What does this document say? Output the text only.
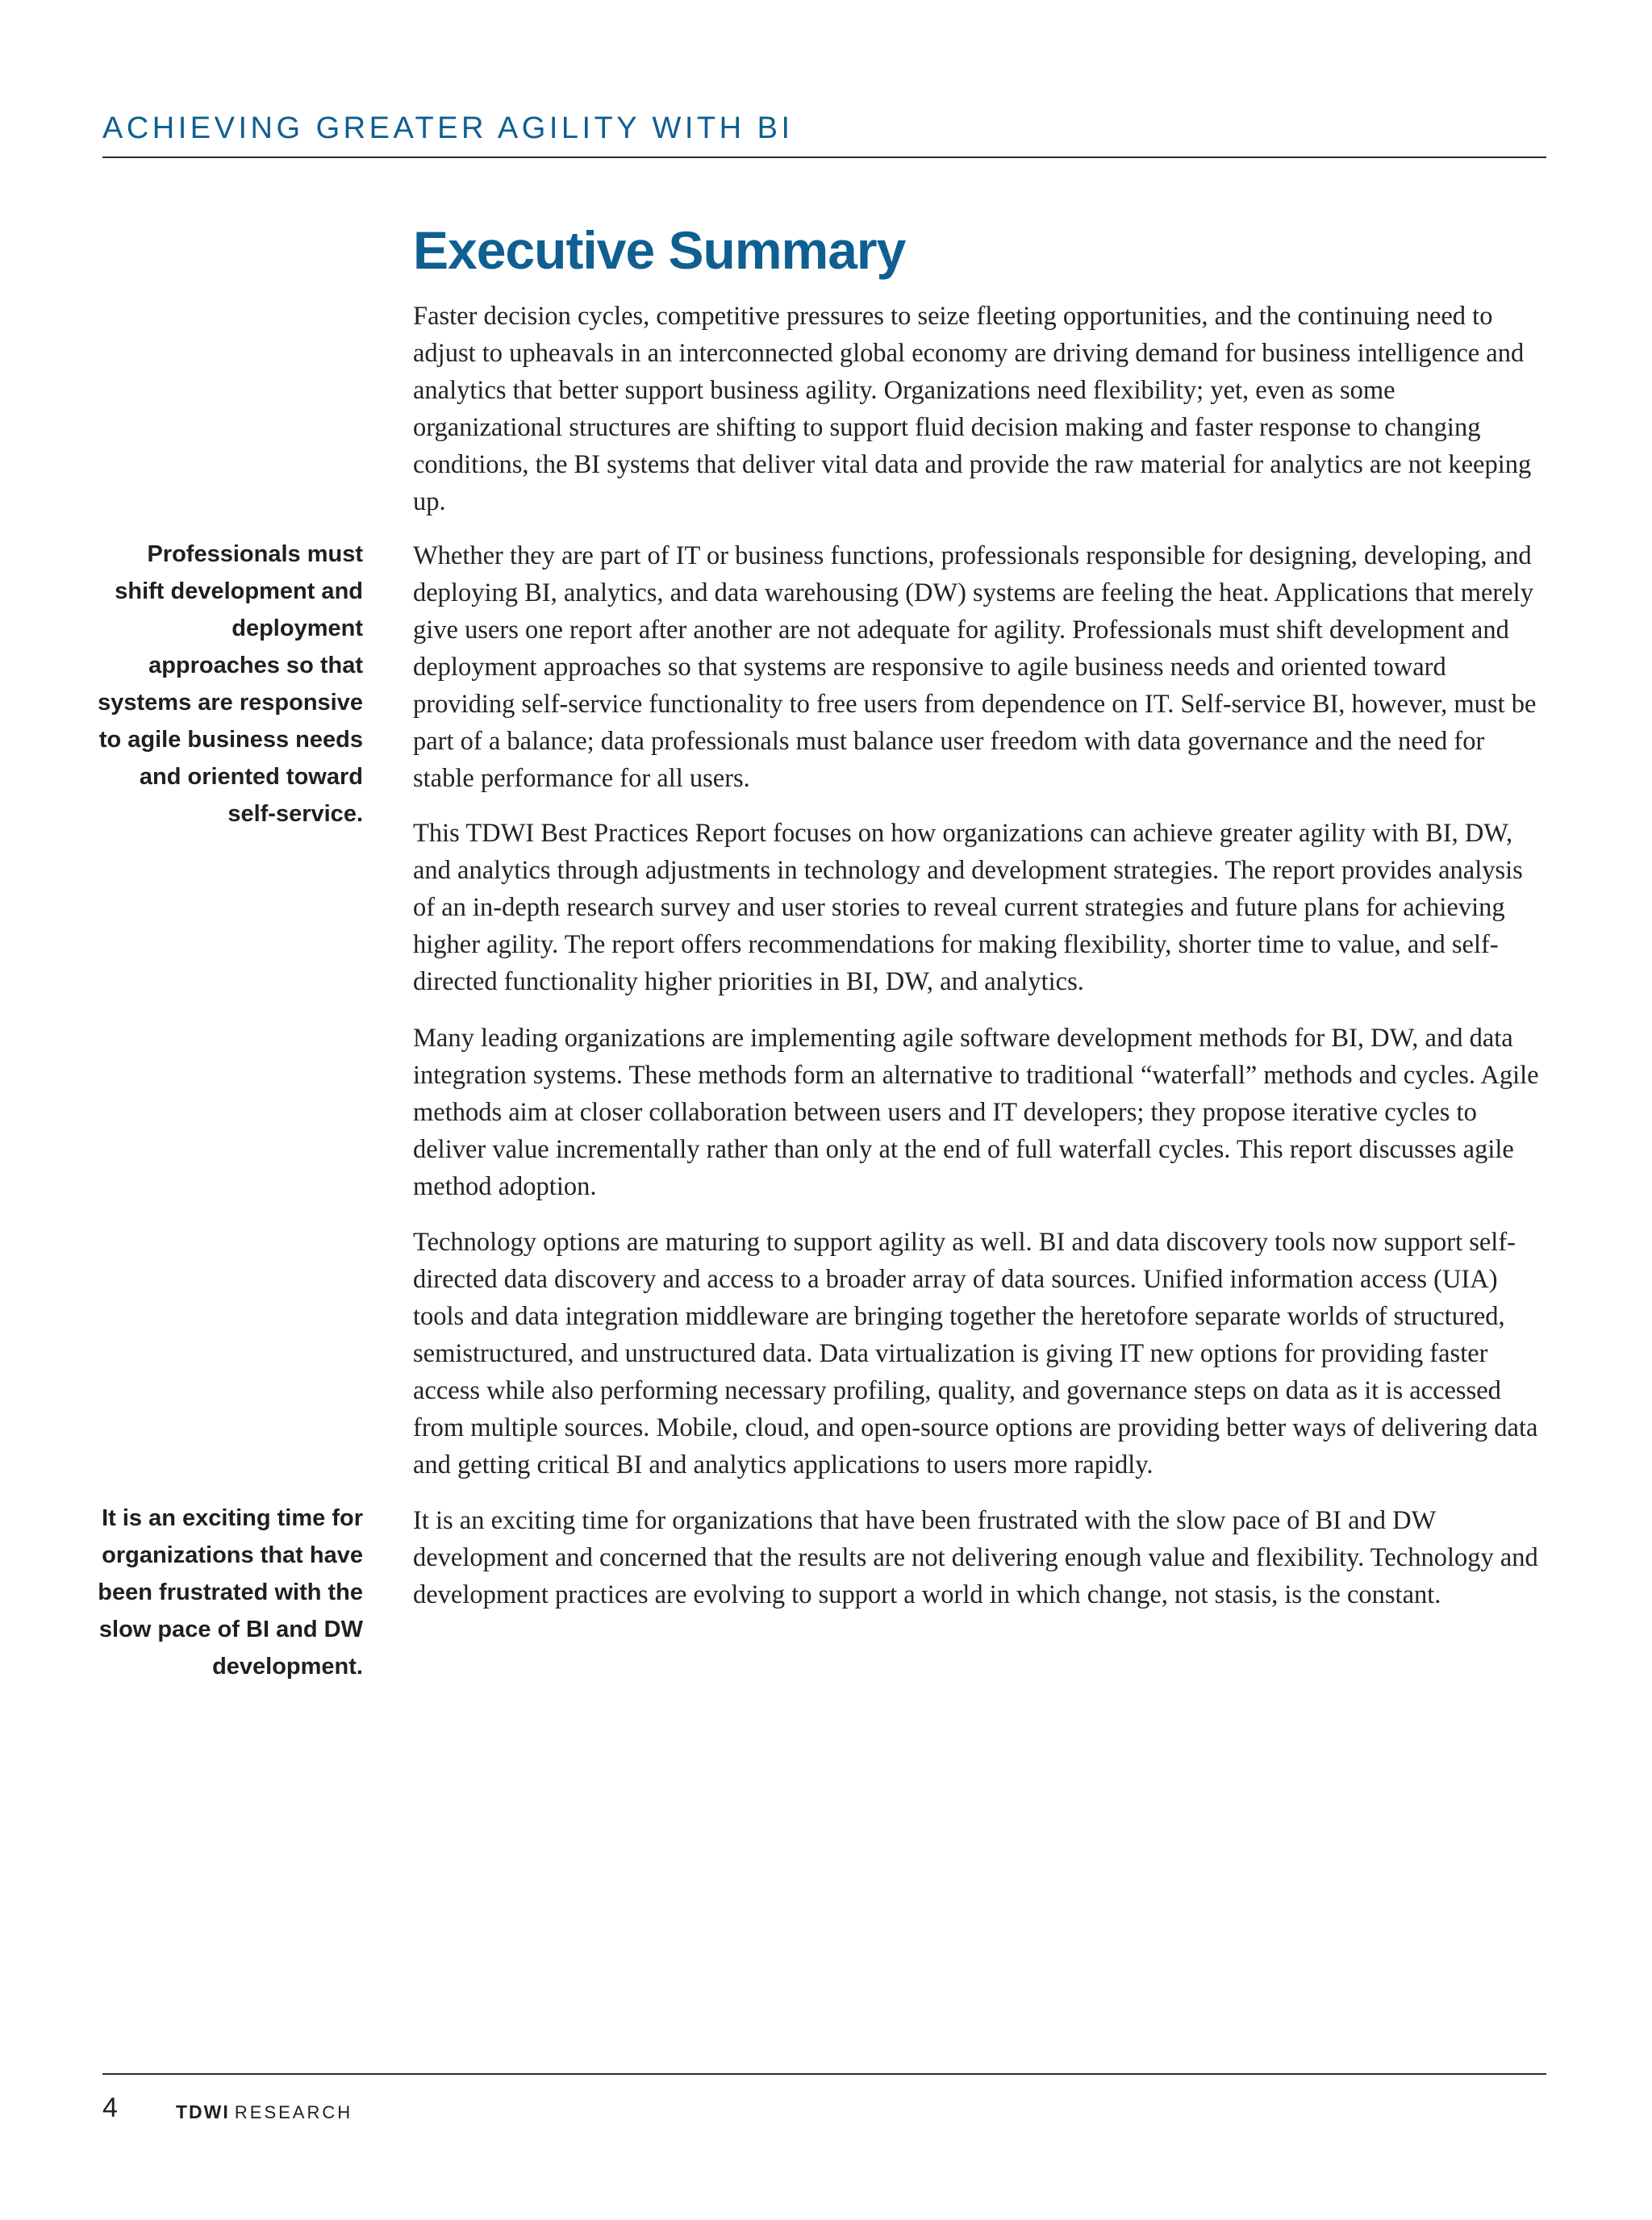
ACHIEVING GREATER AGILITY WITH BI
Executive Summary

Faster decision cycles, competitive pressures to seize fleeting opportunities, and the continuing need to adjust to upheavals in an interconnected global economy are driving demand for business intelligence and analytics that better support business agility. Organizations need flexibility; yet, even as some organizational structures are shifting to support fluid decision making and faster response to changing conditions, the BI systems that deliver vital data and provide the raw material for analytics are not keeping up.

Whether they are part of IT or business functions, professionals responsible for designing, developing, and deploying BI, analytics, and data warehousing (DW) systems are feeling the heat. Applications that merely give users one report after another are not adequate for agility. Professionals must shift development and deployment approaches so that systems are responsive to agile business needs and oriented toward providing self-service functionality to free users from dependence on IT. Self-service BI, however, must be part of a balance; data professionals must balance user freedom with data governance and the need for stable performance for all users.

This TDWI Best Practices Report focuses on how organizations can achieve greater agility with BI, DW, and analytics through adjustments in technology and development strategies. The report provides analysis of an in-depth research survey and user stories to reveal current strategies and future plans for achieving higher agility. The report offers recommendations for making flexibility, shorter time to value, and self-directed functionality higher priorities in BI, DW, and analytics.

Many leading organizations are implementing agile software development methods for BI, DW, and data integration systems. These methods form an alternative to traditional “waterfall” methods and cycles. Agile methods aim at closer collaboration between users and IT developers; they propose iterative cycles to deliver value incrementally rather than only at the end of full waterfall cycles. This report discusses agile method adoption.

Technology options are maturing to support agility as well. BI and data discovery tools now support self-directed data discovery and access to a broader array of data sources. Unified information access (UIA) tools and data integration middleware are bringing together the heretofore separate worlds of structured, semistructured, and unstructured data. Data virtualization is giving IT new options for providing faster access while also performing necessary profiling, quality, and governance steps on data as it is accessed from multiple sources. Mobile, cloud, and open-source options are providing better ways of delivering data and getting critical BI and analytics applications to users more rapidly.

It is an exciting time for organizations that have been frustrated with the slow pace of BI and DW development and concerned that the results are not delivering enough value and flexibility. Technology and development practices are evolving to support a world in which change, not stasis, is the constant.

Professionals must shift development and deployment approaches so that systems are responsive to agile business needs and oriented toward self-service.

It is an exciting time for organizations that have been frustrated with the slow pace of BI and DW development.

4	TDWI RESEARCH
